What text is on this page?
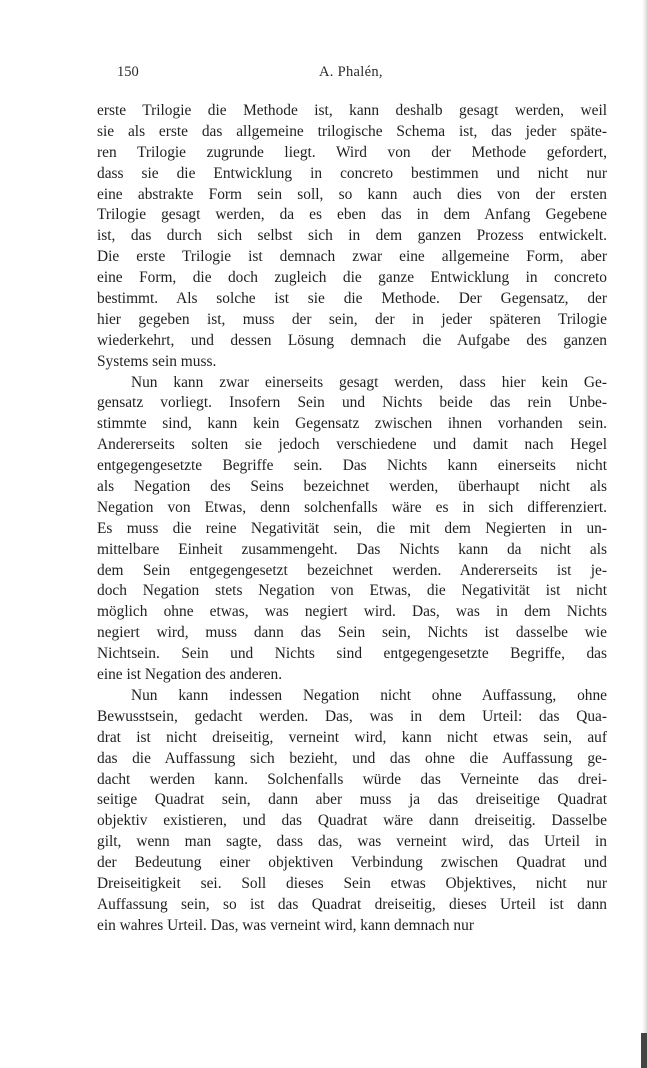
150	A. Phalén,
erste Trilogie die Methode ist, kann deshalb gesagt werden, weil
sie als erste das allgemeine trilogische Schema ist, das jeder späte-
ren Trilogie zugrunde liegt. Wird von der Methode gefordert,
dass sie die Entwicklung in concreto bestimmen und nicht nur
eine abstrakte Form sein soll, so kann auch dies von der ersten
Trilogie gesagt werden, da es eben das in dem Anfang Gegebene
ist, das durch sich selbst sich in dem ganzen Prozess entwickelt.
Die erste Trilogie ist demnach zwar eine allgemeine Form, aber
eine Form, die doch zugleich die ganze Entwicklung in concreto
bestimmt. Als solche ist sie die Methode. Der Gegensatz, der
hier gegeben ist, muss der sein, der in jeder späteren Trilogie
wiederkehrt, und dessen Lösung demnach die Aufgabe des ganzen
Systems sein muss.
Nun kann zwar einerseits gesagt werden, dass hier kein Ge-
gensatz vorliegt. Insofern Sein und Nichts beide das rein Unbe-
stimmte sind, kann kein Gegensatz zwischen ihnen vorhanden sein.
Andererseits solten sie jedoch verschiedene und damit nach Hegel
entgegengesetzte Begriffe sein. Das Nichts kann einerseits nicht
als Negation des Seins bezeichnet werden, überhaupt nicht als
Negation von Etwas, denn solchenfalls wäre es in sich differenziert.
Es muss die reine Negativität sein, die mit dem Negierten in un-
mittelbare Einheit zusammengeht. Das Nichts kann da nicht als
dem Sein entgegengesetzt bezeichnet werden. Andererseits ist je-
doch Negation stets Negation von Etwas, die Negativität ist nicht
möglich ohne etwas, was negiert wird. Das, was in dem Nichts
negiert wird, muss dann das Sein sein, Nichts ist dasselbe wie
Nichtsein. Sein und Nichts sind entgegengesetzte Begriffe, das
eine ist Negation des anderen.
Nun kann indessen Negation nicht ohne Auffassung, ohne
Bewusstsein, gedacht werden. Das, was in dem Urteil: das Qua-
drat ist nicht dreiseitig, verneint wird, kann nicht etwas sein, auf
das die Auffassung sich bezieht, und das ohne die Auffassung ge-
dacht werden kann. Solchenfalls würde das Verneinte das drei-
seitige Quadrat sein, dann aber muss ja das dreiseitige Quadrat
objektiv existieren, und das Quadrat wäre dann dreiseitig. Dasselbe
gilt, wenn man sagte, dass das, was verneint wird, das Urteil in
der Bedeutung einer objektiven Verbindung zwischen Quadrat und
Dreiseitigkeit sei. Soll dieses Sein etwas Objektives, nicht nur
Auffassung sein, so ist das Quadrat dreiseitig, dieses Urteil ist dann
ein wahres Urteil. Das, was verneint wird, kann demnach nur
